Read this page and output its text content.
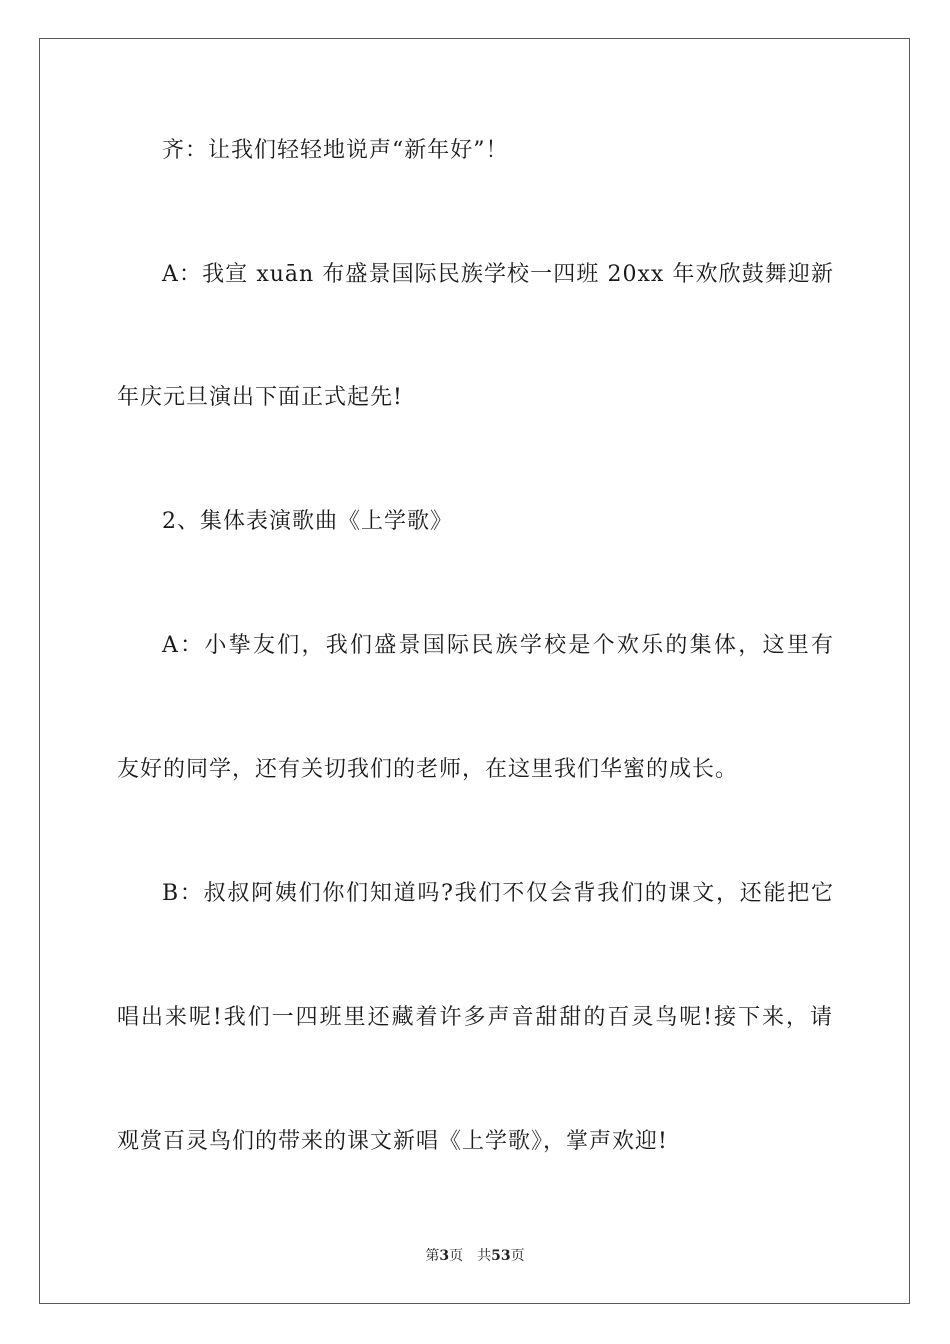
齐：让我们轻轻地说声“新年好”！
A：我宣 xuān 布盛景国际民族学校一四班 20xx 年欢欣鼓舞迎新
年庆元旦演出下面正式起先!
2、集体表演歌曲《上学歌》
A：小挚友们，我们盛景国际民族学校是个欢乐的集体，这里有
友好的同学，还有关切我们的老师，在这里我们华蜜的成长。
B：叔叔阿姨们你们知道吗?我们不仅会背我们的课文，还能把它
唱出来呢!我们一四班里还藏着许多声音甜甜的百灵鸟呢!接下来，请
观赏百灵鸟们的带来的课文新唱《上学歌》，掌声欢迎!
第3页 共53页
